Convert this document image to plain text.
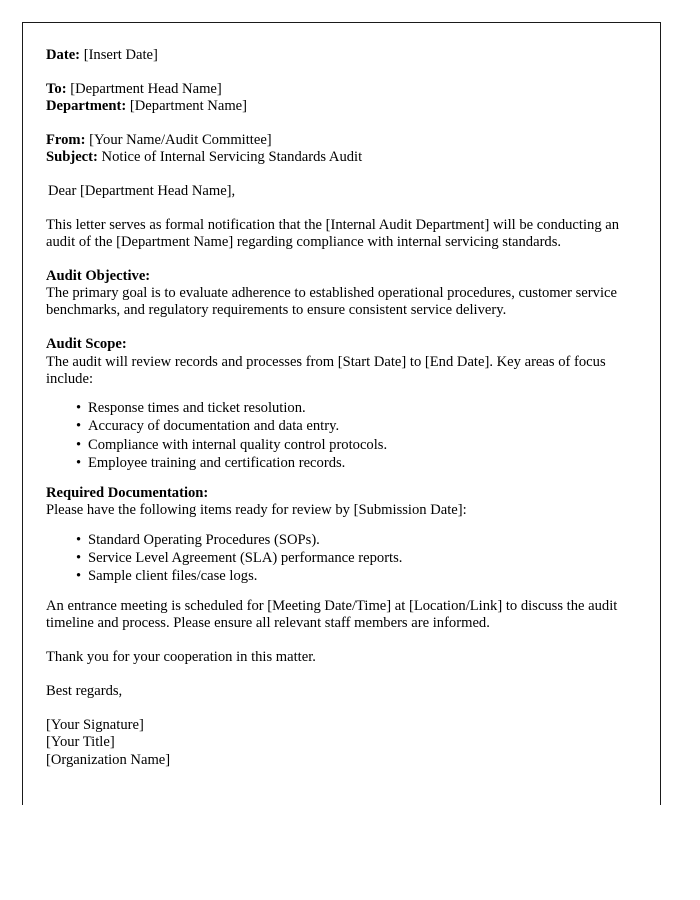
Date: [Insert Date]

To: [Department Head Name]

Department: [Department Name]

From: [Your Name/Audit Committee]

Subject: Notice of Internal Servicing Standards Audit

Dear [Department Head Name],

This letter serves as formal notification that the [Internal Audit Department] will be conducting an audit of the [Department Name] regarding compliance with internal servicing standards.

Audit Objective:

The primary goal is to evaluate adherence to established operational procedures, customer service benchmarks, and regulatory requirements to ensure consistent service delivery.

Audit Scope:

The audit will review records and processes from [Start Date] to [End Date]. Key areas of focus include:

• Response times and ticket resolution.
• Accuracy of documentation and data entry.
• Compliance with internal quality control protocols.
• Employee training and certification records.

Required Documentation:

Please have the following items ready for review by [Submission Date]:

• Standard Operating Procedures (SOPs).
• Service Level Agreement (SLA) performance reports.
• Sample client files/case logs.

An entrance meeting is scheduled for [Meeting Date/Time] at [Location/Link] to discuss the audit timeline and process. Please ensure all relevant staff members are informed.

Thank you for your cooperation in this matter.

Best regards,

[Your Signature]

[Your Title]

[Organization Name]
